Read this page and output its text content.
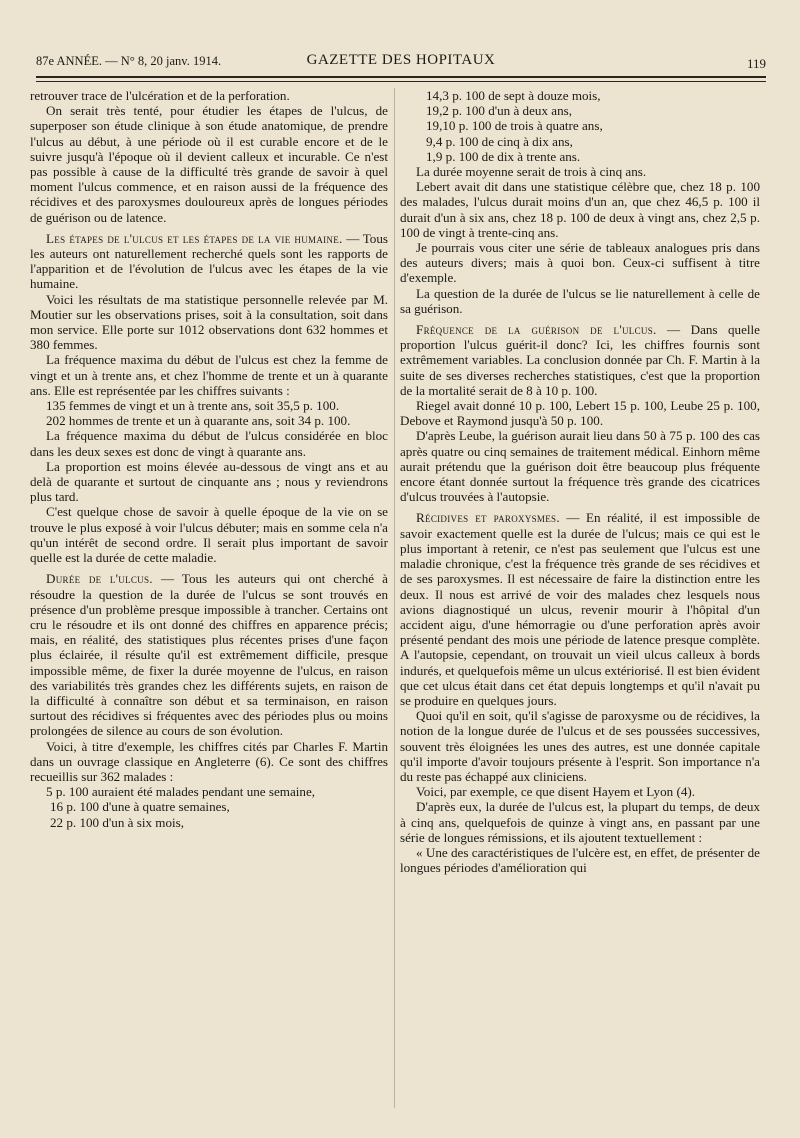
87e ANNÉE. — N° 8, 20 janv. 1914.	GAZETTE DES HOPITAUX	119

retrouver trace de l'ulcération et de la perforation.

On serait très tenté, pour étudier les étapes de l'ulcus, de superposer son étude clinique à son étude anatomique, de prendre l'ulcus au début, à une période où il est curable encore et de le suivre jusqu'à l'époque où il devient calleux et incurable. Ce n'est pas possible à cause de la difficulté très grande de savoir à quel moment l'ulcus commence, et en raison aussi de la fréquence des récidives et des paroxysmes douloureux après de longues périodes de guérison ou de latence.

Les étapes de l'ulcus et les étapes de la vie humaine. — Tous les auteurs ont naturellement recherché quels sont les rapports de l'apparition et de l'évolution de l'ulcus avec les étapes de la vie humaine.

Voici les résultats de ma statistique personnelle relevée par M. Moutier sur les observations prises, soit à la consultation, soit dans mon service. Elle porte sur 1012 observations dont 632 hommes et 380 femmes.

La fréquence maxima du début de l'ulcus est chez la femme de vingt et un à trente ans, et chez l'homme de trente et un à quarante ans. Elle est représentée par les chiffres suivants :

135 femmes de vingt et un à trente ans, soit 35,5 p. 100.

202 hommes de trente et un à quarante ans, soit 34 p. 100.

La fréquence maxima du début de l'ulcus considérée en bloc dans les deux sexes est donc de vingt à quarante ans.

La proportion est moins élevée au-dessous de vingt ans et au delà de quarante et surtout de cinquante ans ; nous y reviendrons plus tard.

C'est quelque chose de savoir à quelle époque de la vie on se trouve le plus exposé à voir l'ulcus débuter; mais en somme cela n'a qu'un intérêt de second ordre. Il serait plus important de savoir quelle est la durée de cette maladie.

Durée de l'ulcus. — Tous les auteurs qui ont cherché à résoudre la question de la durée de l'ulcus se sont trouvés en présence d'un problème presque impossible à trancher. Certains ont cru le résoudre et ils ont donné des chiffres en apparence précis; mais, en réalité, des statistiques plus récentes prises d'une façon plus éclairée, il résulte qu'il est extrêmement difficile, presque impossible même, de fixer la durée moyenne de l'ulcus, en raison des variabilités très grandes chez les différents sujets, en raison de la difficulté à connaître son début et sa terminaison, en raison surtout des récidives si fréquentes avec des périodes plus ou moins prolongées de silence au cours de son évolution.

Voici, à titre d'exemple, les chiffres cités par Charles F. Martin dans un ouvrage classique en Angleterre (6). Ce sont des chiffres recueillis sur 362 malades :

5 p. 100 auraient été malades pendant une semaine,

16 p. 100 d'une à quatre semaines,

22 p. 100 d'un à six mois,

14,3 p. 100 de sept à douze mois,

19,2 p. 100 d'un à deux ans,

19,10 p. 100 de trois à quatre ans,

9,4 p. 100 de cinq à dix ans,

1,9 p. 100 de dix à trente ans.

La durée moyenne serait de trois à cinq ans.

Lebert avait dit dans une statistique célèbre que, chez 18 p. 100 des malades, l'ulcus durait moins d'un an, que chez 46,5 p. 100 il durait d'un à six ans, chez 18 p. 100 de deux à vingt ans, chez 2,5 p. 100 de vingt à trente-cinq ans.

Je pourrais vous citer une série de tableaux analogues pris dans des auteurs divers; mais à quoi bon. Ceux-ci suffisent à titre d'exemple.

La question de la durée de l'ulcus se lie naturellement à celle de sa guérison.

Fréquence de la guérison de l'ulcus. — Dans quelle proportion l'ulcus guérit-il donc? Ici, les chiffres fournis sont extrêmement variables. La conclusion donnée par Ch. F. Martin à la suite de ses diverses recherches statistiques, c'est que la proportion de la mortalité serait de 8 à 10 p. 100.

Riegel avait donné 10 p. 100, Lebert 15 p. 100, Leube 25 p. 100, Debove et Raymond jusqu'à 50 p. 100.

D'après Leube, la guérison aurait lieu dans 50 à 75 p. 100 des cas après quatre ou cinq semaines de traitement médical. Einhorn même aurait prétendu que la guérison doit être beaucoup plus fréquente encore étant donnée surtout la fréquence très grande des cicatrices d'ulcus trouvées à l'autopsie.

Récidives et paroxysmes. — En réalité, il est impossible de savoir exactement quelle est la durée de l'ulcus; mais ce qui est le plus important à retenir, ce n'est pas seulement que l'ulcus est une maladie chronique, c'est la fréquence très grande de ses récidives et de ses paroxysmes. Il est nécessaire de faire la distinction entre les deux. Il nous est arrivé de voir des malades chez lesquels nous avions diagnostiqué un ulcus, revenir mourir à l'hôpital d'un accident aigu, d'une hémorragie ou d'une perforation après avoir présenté pendant des mois une période de latence presque complète. A l'autopsie, cependant, on trouvait un vieil ulcus calleux à bords indurés, et quelquefois même un ulcus extériorisé. Il est bien évident que cet ulcus était dans cet état depuis longtemps et qu'il n'avait pu se produire en quelques jours.

Quoi qu'il en soit, qu'il s'agisse de paroxysme ou de récidives, la notion de la longue durée de l'ulcus et de ses poussées successives, souvent très éloignées les unes des autres, est une donnée capitale qu'il importe d'avoir toujours présente à l'esprit. Son importance n'a du reste pas échappé aux cliniciens.

Voici, par exemple, ce que disent Hayem et Lyon (4).

D'après eux, la durée de l'ulcus est, la plupart du temps, de deux à cinq ans, quelquefois de quinze à vingt ans, en passant par une série de longues rémissions, et ils ajoutent textuellement :

« Une des caractéristiques de l'ulcère est, en effet, de présenter de longues périodes d'amélioration qui
